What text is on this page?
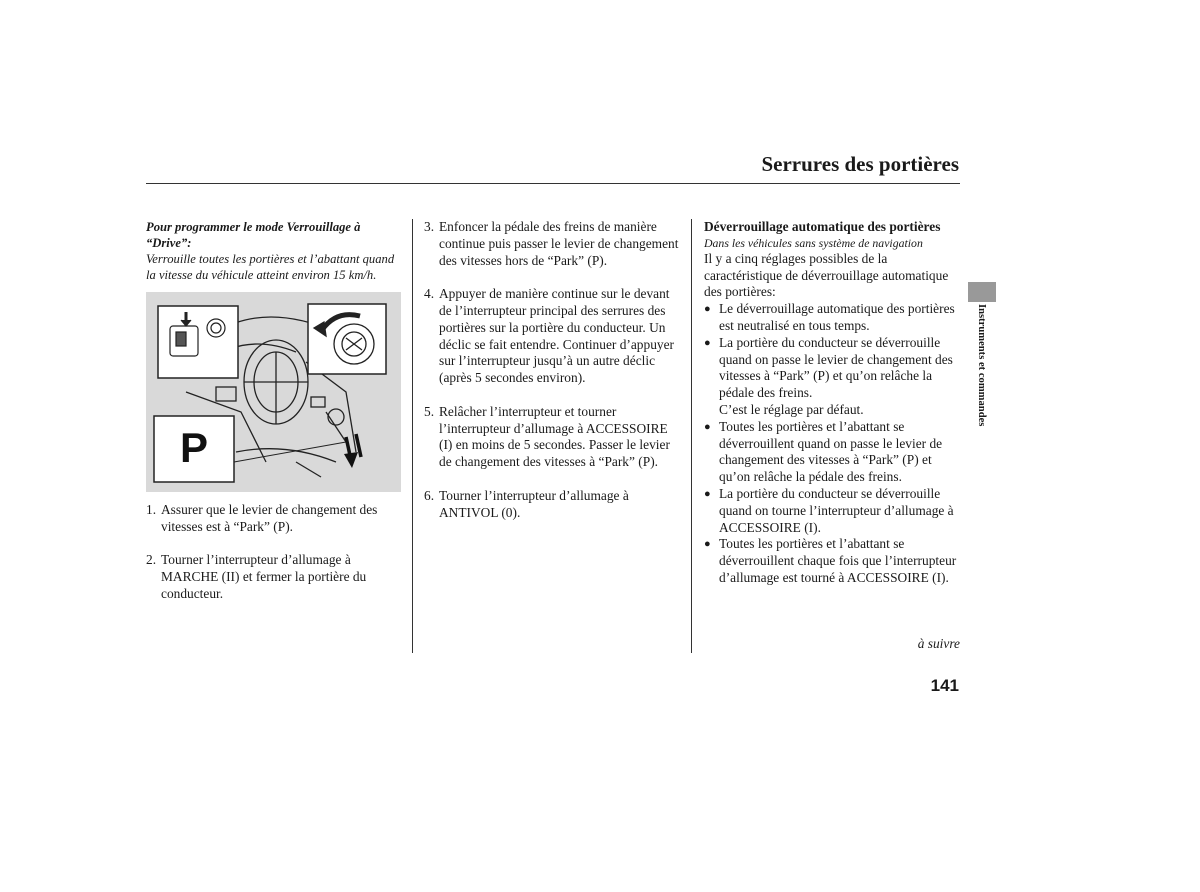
Serrures des portières
Pour programmer le mode Verrouillage à “Drive”:
Verrouille toutes les portières et l’abattant quand la vitesse du véhicule atteint environ 15 km/h.
P
1. Assurer que le levier de changement des vitesses est à “Park” (P).
2. Tourner l’interrupteur d’allumage à MARCHE (II) et fermer la portière du conducteur.
3. Enfoncer la pédale des freins de manière continue puis passer le levier de changement des vitesses hors de “Park” (P).
4. Appuyer de manière continue sur le devant de l’interrupteur principal des serrures des portières sur la portière du conducteur. Un déclic se fait entendre. Continuer d’appuyer sur l’interrupteur jusqu’à un autre déclic (après 5 secondes environ).
5. Relâcher l’interrupteur et tourner l’interrupteur d’allumage à ACCESSOIRE (I) en moins de 5 secondes. Passer le levier de changement des vitesses à “Park” (P).
6. Tourner l’interrupteur d’allumage à ANTIVOL (0).
Déverrouillage automatique des portières
Dans les véhicules sans système de navigation
Il y a cinq réglages possibles de la caractéristique de déverrouillage automatique des portières:
● Le déverrouillage automatique des portières est neutralisé en tous temps.
● La portière du conducteur se déverrouille quand on passe le levier de changement des vitesses à “Park” (P) et qu’on relâche la pédale des freins.
C’est le réglage par défaut.
● Toutes les portières et l’abattant se déverrouillent quand on passe le levier de changement des vitesses à “Park” (P) et qu’on relâche la pédale des freins.
● La portière du conducteur se déverrouille quand on tourne l’interrupteur d’allumage à ACCESSOIRE (I).
● Toutes les portières et l’abattant se déverrouillent chaque fois que l’interrupteur d’allumage est tourné à ACCESSOIRE (I).
Instruments et commandes
à suivre
141
